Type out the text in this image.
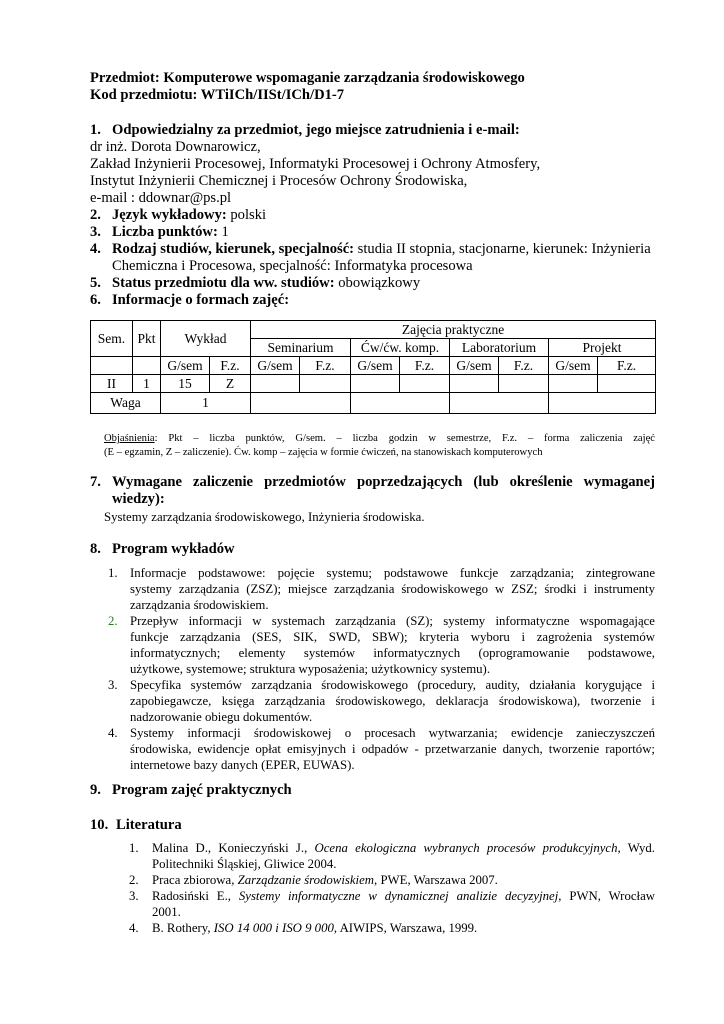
Przedmiot: Komputerowe wspomaganie zarządzania środowiskowego
Kod przedmiotu: WTiICh/IISt/ICh/D1-7
1. Odpowiedzialny za przedmiot, jego miejsce zatrudnienia i e-mail:
dr inż. Dorota Downarowicz,
Zakład Inżynierii Procesowej, Informatyki Procesowej i Ochrony Atmosfery,
Instytut Inżynierii Chemicznej i Procesów Ochrony Środowiska,
e-mail : ddownar@ps.pl
2. Język wykładowy: polski
3. Liczba punktów: 1
4. Rodzaj studiów, kierunek, specjalność: studia II stopnia, stacjonarne, kierunek: Inżynieria
Chemiczna i Procesowa, specjalność: Informatyka procesowa
5. Status przedmiotu dla ww. studiów: obowiązkowy
6. Informacje o formach zajęć:
Sem.	Pkt	Wykład		Zajęcia praktyczne							
				Seminarium		Ćw/ćw. komp.		Laboratorium		Projekt	
		G/sem	F.z.	G/sem	F.z.	G/sem	F.z.	G/sem	F.z.	G/sem	F.z.
II	1	15	Z								
Waga		1									
Objaśnienia: Pkt – liczba punktów, G/sem. – liczba godzin w semestrze, F.z. – forma zaliczenia zajęć
(E – egzamin, Z – zaliczenie). Ćw. komp – zajęcia w formie ćwiczeń, na stanowiskach komputerowych
7. Wymagane zaliczenie przedmiotów poprzedzających (lub określenie wymaganej
wiedzy):
Systemy zarządzania środowiskowego, Inżynieria środowiska.
8. Program wykładów
1. Informacje podstawowe: pojęcie systemu; podstawowe funkcje zarządzania; zintegrowane
systemy zarządzania (ZSZ); miejsce zarządzania środowiskowego w ZSZ; środki i instrumenty
zarządzania środowiskiem.
2. Przepływ informacji w systemach zarządzania (SZ); systemy informatyczne wspomagające
funkcje zarządzania (SES, SIK, SWD, SBW); kryteria wyboru i zagrożenia systemów
informatycznych; elementy systemów informatycznych (oprogramowanie podstawowe,
użytkowe, systemowe; struktura wyposażenia; użytkownicy systemu).
3. Specyfika systemów zarządzania środowiskowego (procedury, audity, działania korygujące i
zapobiegawcze, księga zarządzania środowiskowego, deklaracja środowiskowa), tworzenie i
nadzorowanie obiegu dokumentów.
4. Systemy informacji środowiskowej o procesach wytwarzania; ewidencje zanieczyszczeń
środowiska, ewidencje opłat emisyjnych i odpadów - przetwarzanie danych, tworzenie raportów;
internetowe bazy danych (EPER, EUWAS).
9. Program zajęć praktycznych
10. Literatura
1. Malina D., Konieczyński J., Ocena ekologiczna wybranych procesów produkcyjnych, Wyd.
Politechniki Śląskiej, Gliwice 2004.
2. Praca zbiorowa, Zarządzanie środowiskiem, PWE, Warszawa 2007.
3. Radosiński E., Systemy informatyczne w dynamicznej analizie decyzyjnej, PWN, Wrocław
2001.
4. B. Rothery, ISO 14 000 i ISO 9 000, AIWIPS, Warszawa, 1999.
